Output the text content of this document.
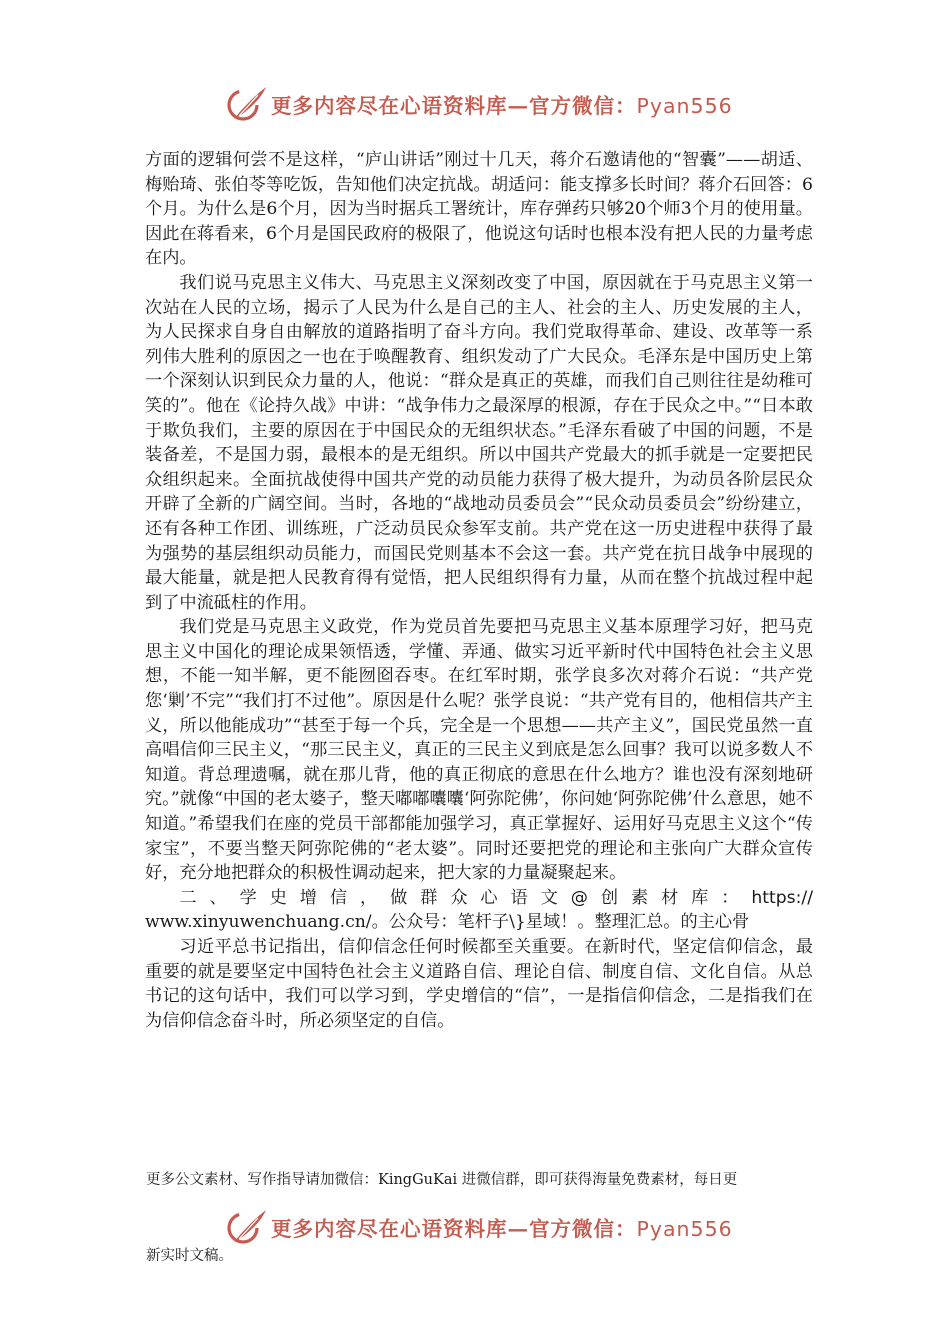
更多内容尽在心语资料库—官方微信：Pyan556

方面的逻辑何尝不是这样，“庐山讲话”刚过十几天，蒋介石邀请他的“智囊”——胡适、梅贻琦、张伯苓等吃饭，告知他们决定抗战。胡适问：能支撑多长时间？蒋介石回答：6个月。为什么是6个月，因为当时据兵工署统计，库存弹药只够20个师3个月的使用量。因此在蒋看来，6个月是国民政府的极限了，他说这句话时也根本没有把人民的力量考虑在内。

我们说马克思主义伟大、马克思主义深刻改变了中国，原因就在于马克思主义第一次站在人民的立场，揭示了人民为什么是自己的主人、社会的主人、历史发展的主人，为人民探求自身自由解放的道路指明了奋斗方向。我们党取得革命、建设、改革等一系列伟大胜利的原因之一也在于唤醒教育、组织发动了广大民众。毛泽东是中国历史上第一个深刻认识到民众力量的人，他说：“群众是真正的英雄，而我们自己则往往是幼稚可笑的”。他在《论持久战》中讲：“战争伟力之最深厚的根源，存在于民众之中。”“日本敢于欺负我们，主要的原因在于中国民众的无组织状态。”毛泽东看破了中国的问题，不是装备差，不是国力弱，最根本的是无组织。所以中国共产党最大的抓手就是一定要把民众组织起来。全面抗战使得中国共产党的动员能力获得了极大提升，为动员各阶层民众开辟了全新的广阔空间。当时，各地的“战地动员委员会”“民众动员委员会”纷纷建立，还有各种工作团、训练班，广泛动员民众参军支前。共产党在这一历史进程中获得了最为强势的基层组织动员能力，而国民党则基本不会这一套。共产党在抗日战争中展现的最大能量，就是把人民教育得有觉悟，把人民组织得有力量，从而在整个抗战过程中起到了中流砥柱的作用。

我们党是马克思主义政党，作为党员首先要把马克思主义基本原理学习好，把马克思主义中国化的理论成果领悟透，学懂、弄通、做实习近平新时代中国特色社会主义思想，不能一知半解，更不能囫囵吞枣。在红军时期，张学良多次对蒋介石说：“共产党您‘剿’不完”“我们打不过他”。原因是什么呢？张学良说：“共产党有目的，他相信共产主义，所以他能成功”“甚至于每一个兵，完全是一个思想——共产主义”，国民党虽然一直高唱信仰三民主义，“那三民主义，真正的三民主义到底是怎么回事？我可以说多数人不知道。背总理遗嘱，就在那儿背，他的真正彻底的意思在什么地方？谁也没有深刻地研究。”就像“中国的老太婆子，整天嘟嘟囔囔‘阿弥陀佛’，你问她‘阿弥陀佛’什么意思，她不知道。”希望我们在座的党员干部都能加强学习，真正掌握好、运用好马克思主义这个“传家宝”，不要当整天阿弥陀佛的“老太婆”。同时还要把党的理论和主张向广大群众宣传好，充分地把群众的积极性调动起来，把大家的力量凝聚起来。

二、学史增信，做群众心语文@创素材库：https://

www.xinyuwenchuang.cn/。公众号：笔杆子\}星域！。整理汇总。的主心骨

习近平总书记指出，信仰信念任何时候都至关重要。在新时代，坚定信仰信念，最重要的就是要坚定中国特色社会主义道路自信、理论自信、制度自信、文化自信。从总书记的这句话中，我们可以学习到，学史增信的“信”，一是指信仰信念，二是指我们在为信仰信念奋斗时，所必须坚定的自信。

更多公文素材、写作指导请加微信：KingGuKai 进微信群，即可获得海量免费素材，每日更
更多内容尽在心语资料库—官方微信：Pyan556
新实时文稿。
